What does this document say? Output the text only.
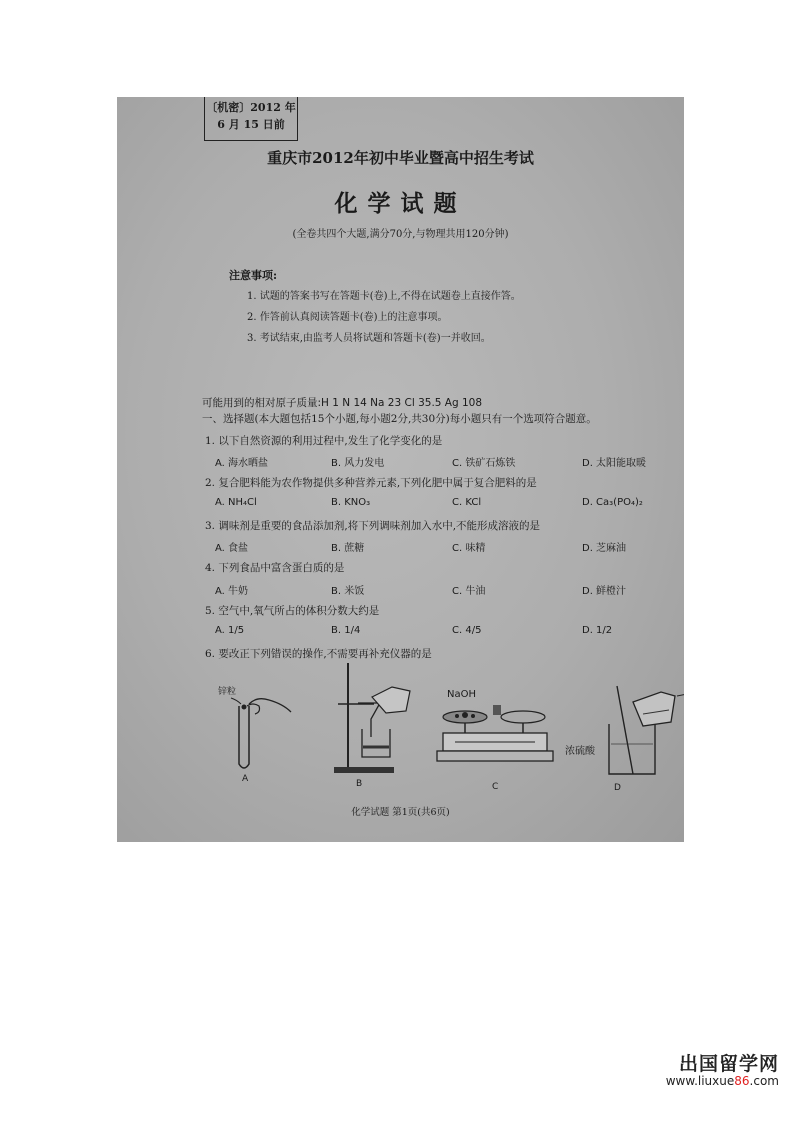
〔机密〕2012 年
6 月 15 日前
重庆市2012年初中毕业暨高中招生考试
化学试题
(全卷共四个大题,满分70分,与物理共用120分钟)
注意事项:
1. 试题的答案书写在答题卡(卷)上,不得在试题卷上直接作答。
2. 作答前认真阅读答题卡(卷)上的注意事项。
3. 考试结束,由监考人员将试题和答题卡(卷)一并收回。
可能用到的相对原子质量:H 1 N 14 Na 23 Cl 35.5 Ag 108
一、选择题(本大题包括15个小题,每小题2分,共30分)每小题只有一个选项符合题意。
1. 以下自然资源的利用过程中,发生了化学变化的是
A. 海水晒盐	B. 风力发电	C. 铁矿石炼铁	D. 太阳能取暖
2. 复合肥料能为农作物提供多种营养元素,下列化肥中属于复合肥料的是
A. NH₄Cl	B. KNO₃	C. KCl	D. Ca₃(PO₄)₂
3. 调味剂是重要的食品添加剂,将下列调味剂加入水中,不能形成溶液的是
A. 食盐	B. 蔗糖	C. 味精	D. 芝麻油
4. 下列食品中富含蛋白质的是
A. 牛奶	B. 米饭	C. 牛油	D. 鲜橙汁
5. 空气中,氧气所占的体积分数大约是
A. 1/5	B. 1/4	C. 4/5	D. 1/2
6. 要改正下列错误的操作,不需要再补充仪器的是
锌粒
A	B
NaOH
C
浓硫酸
D
化学试题 第1页(共6页)
出国留学网
www.liuxue86.com
